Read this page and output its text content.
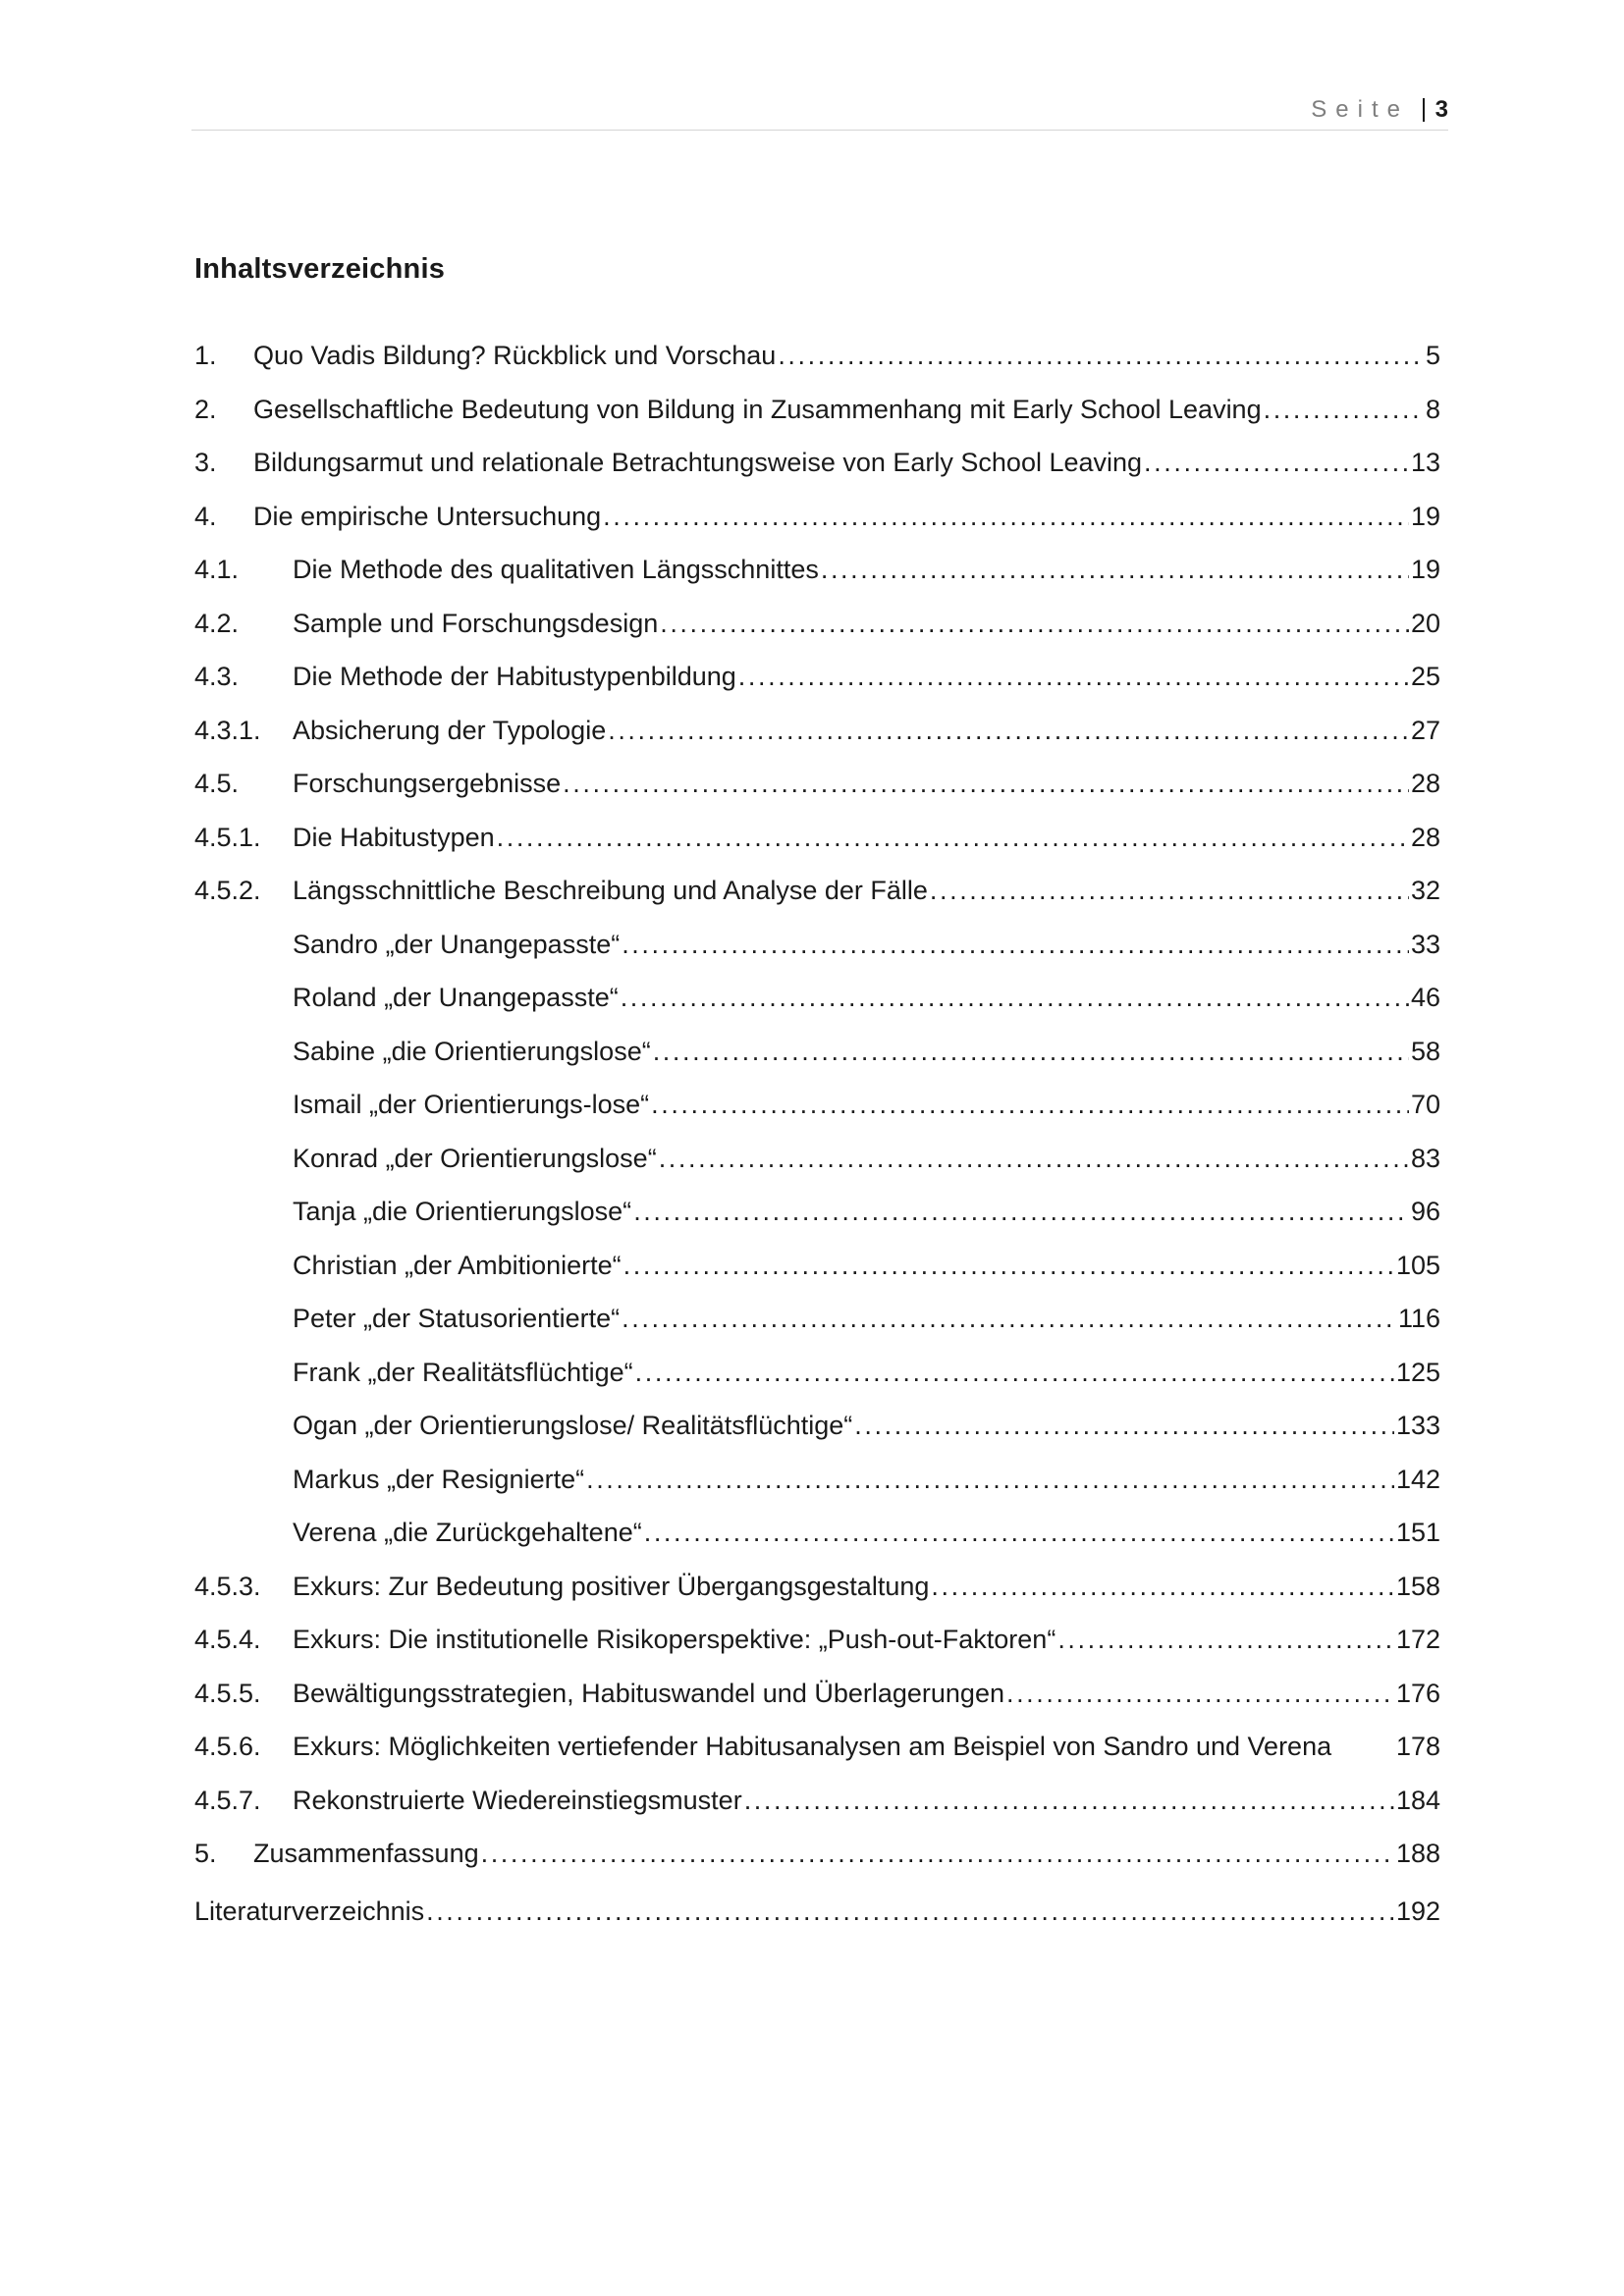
Seite 3
Inhaltsverzeichnis
1.	Quo Vadis Bildung? Rückblick und Vorschau .....	5
2.	Gesellschaftliche Bedeutung von Bildung in Zusammenhang mit Early School Leaving .....	8
3.	Bildungsarmut und relationale Betrachtungsweise von Early School Leaving .....	13
4.	Die empirische Untersuchung .....	19
4.1.	Die Methode des qualitativen Längsschnittes .....	19
4.2.	Sample und Forschungsdesign .....	20
4.3.	Die Methode der Habitustypenbildung .....	25
4.3.1.	Absicherung der Typologie .....	27
4.5.	Forschungsergebnisse .....	28
4.5.1.	Die Habitustypen .....	28
4.5.2.	Längsschnittliche Beschreibung und Analyse der Fälle .....	32
Sandro „der Unangepasste“ .....	33
Roland „der Unangepasste“ .....	46
Sabine „die Orientierungslose“ .....	58
Ismail „der Orientierungs-lose“ .....	70
Konrad „der Orientierungslose“ .....	83
Tanja „die Orientierungslose“ .....	96
Christian „der Ambitionierte“ .....	105
Peter „der Statusorientierte“ .....	116
Frank „der Realitätsflüchtige“ .....	125
Ogan „der Orientierungslose/ Realitätsflüchtige“ .....	133
Markus „der Resignierte“ .....	142
Verena „die Zurückgehaltene“ .....	151
4.5.3.	Exkurs: Zur Bedeutung positiver Übergangsgestaltung .....	158
4.5.4.	Exkurs: Die institutionelle Risikoperspektive: „Push-out-Faktoren“ .....	172
4.5.5.	Bewältigungsstrategien, Habituswandel und Überlagerungen .....	176
4.5.6.	Exkurs: Möglichkeiten vertiefender Habitusanalysen am Beispiel von Sandro und Verena 178
4.5.7.	Rekonstruierte Wiedereinstiegsmuster .....	184
5.	Zusammenfassung .....	188
Literaturverzeichnis .....	192
